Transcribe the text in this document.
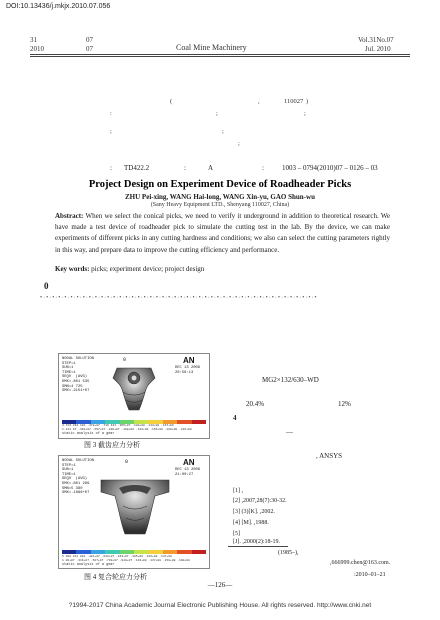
DOI:10.13436/j.mkjx.2010.07.056
31	07
2010	07	Coal Mine Machinery
Vol.31No.07
Jul. 2010
(	,	110027 )
:	;	;
;	;
;
: TD422.2	:	A	:	1003 – 0794(2010)07 – 0126 – 03
Project Design on Experiment Device of Roadheader Picks
ZHU Pei-xing, WANG Hai-long, WANG Xin-yu, GAO Shun-wu
(Sany Heavy Equipment LTD., Shenyang 110027, China)
Abstract: When we select the conical picks, we need to verify it underground in addition to theoretical research. We have made a test device of roadheader pick to simulate the cutting test in the lab. By the device, we can make experiments of different picks in any cutting hardness and conditions; we also can select the cutting parameters rightly in this way, and prepare data to improve the cutting efficiency and performance.
Key words: picks; experiment device; project design
0
•·•·•·•·•·•·•·•·•·•·•·•·•·•·•·•·•·•·•·•·•·•·•·•·•·•·•·•·•·•·•·•·•·•·•·•·•·•·•·•·•·•·•·•·•·•
NODAL SOLUTION
STEP=1
SUB=1
TIME=1
SEQV  (AVG)
DMX=.801 535
SMN=4 725
SMX=.2151+07
AN
DEC 13 2009
20:56:13
0
4.723 263 101 .478+07 .719 434 .955+07 .120+08 .143+08 .167+08
1.141 07 .391+07 .597+07 .836+07 .108+08 .132+08 .156+08 .180+08 .215+08
static analysis of a gear
图 3 截齿应力分析
NODAL SOLUTION
STEP=1
SUB=1
TIME=1
SEQV  (AVG)
DMX=.801 289
SMN=5 380
SMX=.1896+07
AN
DEC 13 2009
21:00:27
0
5 380 211 001 .421+07 .632+07 .843+07 .105+08 .126+08 .147+08
1 06+07 .316+07 .527+07 .738+07 .948+07 .116+08 .137+08 .158+08 .190+08
static analysis of a gear
图 4 复合轮应力分析
MG2×132/630–WD
20.4%	12%
4
—
, ANSYS
[1] ,
[2] ,2007,28(7):30-32.
[3] (3)[K]. ,2002.
[4] [M]. ,1988.
[5]
[J]. ,2000(2):18-19.
(1985–),
,666999.chen@163.com.
:2010–01–21
—126—
?1994-2017 China Academic Journal Electronic Publishing House. All rights reserved. http://www.cnki.net
